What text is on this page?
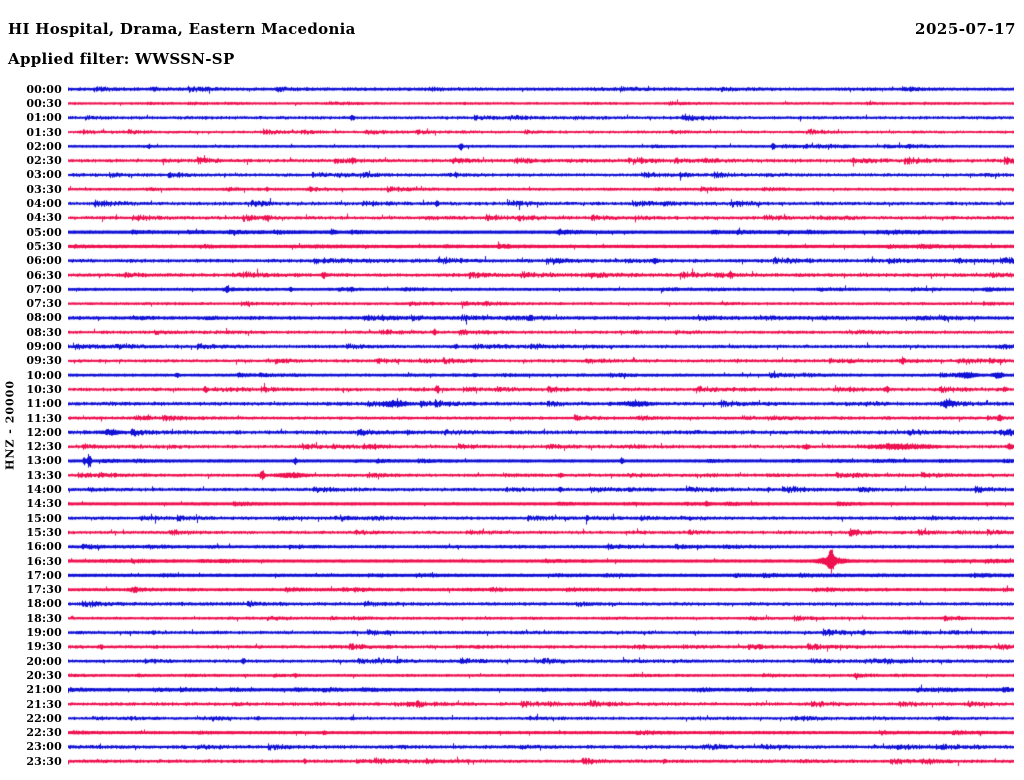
HI Hospital, Drama, Eastern Macedonia	2025-07-17
Applied filter: WWSSN-SP
00:00
00:30
01:00
01:30
02:00
02:30
03:00
03:30
04:00
04:30
05:00
05:30
06:00
06:30
07:00
07:30
08:00
08:30
09:00
09:30
10:00
10:30
11:00
11:30
12:00
12:30
13:00
13:30
14:00
14:30
15:00
15:30
16:00
16:30
17:00
17:30
18:00
18:30
19:00
19:30
20:00
20:30
21:00
21:30
22:00
22:30
23:00
23:30
HNZ - 20000
